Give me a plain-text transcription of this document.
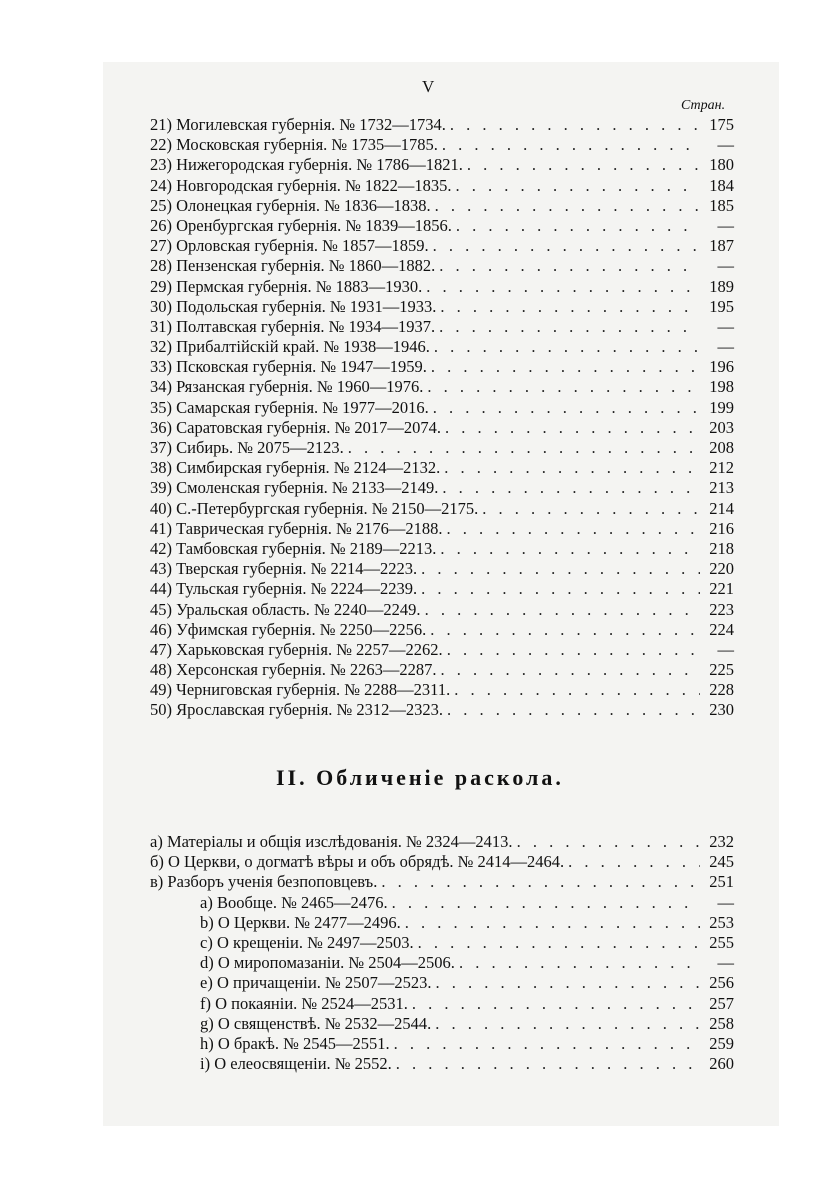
V
Стран.
21) Могилевская губернія. № 1732—1734. . . .	175
22) Московская губернія. № 1735—1785. . . .	—
23) Нижегородская губернія. № 1786—1821. . . .	180
24) Новгородская губернія. № 1822—1835. . . .	184
25) Олонецкая губернія. № 1836—1838. . . .	185
26) Оренбургская губернія. № 1839—1856. . . .	—
27) Орловская губернія. № 1857—1859. . . .	187
28) Пензенская губернія. № 1860—1882. . . .	—
29) Пермская губернія. № 1883—1930. . . .	189
30) Подольская губернія. № 1931—1933. . . .	195
31) Полтавская губернія. № 1934—1937. . . .	—
32) Прибалтійскій край. № 1938—1946. . . .	—
33) Псковская губернія. № 1947—1959. . . .	196
34) Рязанская губернія. № 1960—1976. . . .	198
35) Самарская губернія. № 1977—2016. . . .	199
36) Саратовская губернія. № 2017—2074. . . .	203
37) Сибирь. № 2075—2123. . . .	208
38) Симбирская губернія. № 2124—2132. . . .	212
39) Смоленская губернія. № 2133—2149. . . .	213
40) С.-Петербургская губернія. № 2150—2175. . . .	214
41) Таврическая губернія. № 2176—2188. . . .	216
42) Тамбовская губернія. № 2189—2213. . . .	218
43) Тверская губернія. № 2214—2223. . . .	220
44) Тульская губернія. № 2224—2239. . . .	221
45) Уральская область. № 2240—2249. . . .	223
46) Уфимская губернія. № 2250—2256. . . .	224
47) Харьковская губернія. № 2257—2262. . . .	—
48) Херсонская губернія. № 2263—2287. . . .	225
49) Черниговская губернія. № 2288—2311. . . .	228
50) Ярославская губернія. № 2312—2323. . . .	230
II. Обличеніе раскола.
а) Матеріалы и общія изслѣдованія. № 2324—2413. . . .	232
б) О Церкви, о догматѣ вѣры и объ обрядѣ. № 2414—2464. . . .	245
в) Разборъ ученія безпоповцевъ. . . .	251
a) Вообще. № 2465—2476. . . .	—
b) О Церкви. № 2477—2496. . . .	253
c) О крещеніи. № 2497—2503. . . .	255
d) О миропомазаніи. № 2504—2506. . . .	—
e) О причащеніи. № 2507—2523. . . .	256
f) О покаяніи. № 2524—2531. . . .	257
g) О священствѣ. № 2532—2544. . . .	258
h) О бракѣ. № 2545—2551. . . .	259
i) О елеосвященіи. № 2552. . . .	260
